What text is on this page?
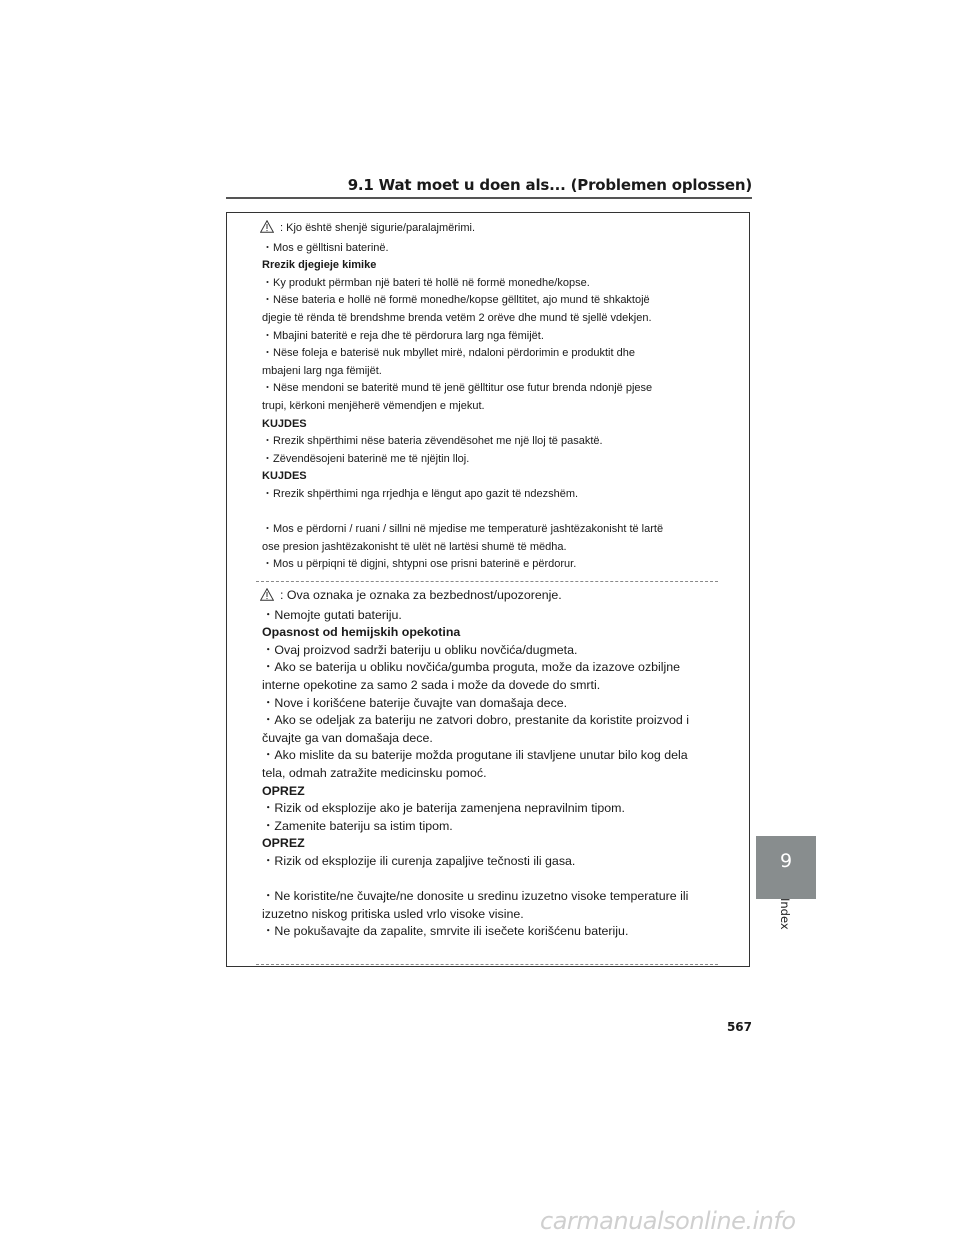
9.1 Wat moet u doen als... (Problemen oplossen)
: Kjo është shenjë sigurie/paralajmërimi.
・Mos e gëlltisni baterinë.
Rrezik djegieje kimike
・Ky produkt përmban një bateri të hollë në formë monedhe/kopse.
・Nëse bateria e hollë në formë monedhe/kopse gëlltitet, ajo mund të shkaktojë
djegie të rënda të brendshme brenda vetëm 2 orëve dhe mund të sjellë vdekjen.
・Mbajini bateritë e reja dhe të përdorura larg nga fëmijët.
・Nëse foleja e baterisë nuk mbyllet mirë, ndaloni përdorimin e produktit dhe
mbajeni larg nga fëmijët.
・Nëse mendoni se bateritë mund të jenë gëlltitur ose futur brenda ndonjë pjese
trupi, kërkoni menjëherë vëmendjen e mjekut.
KUJDES
・Rrezik shpërthimi nëse bateria zëvendësohet me një lloj të pasaktë.
・Zëvendësojeni baterinë me të njëjtin lloj.
KUJDES
・Rrezik shpërthimi nga rrjedhja e lëngut apo gazit të ndezshëm.
・Mos e përdorni / ruani / sillni në mjedise me temperaturë jashtëzakonisht të lartë
ose presion jashtëzakonisht të ulët në lartësi shumë të mëdha.
・Mos u përpiqni të digjni, shtypni ose prisni baterinë e përdorur.
: Ova oznaka je oznaka za bezbednost/upozorenje.
・Nemojte gutati bateriju.
Opasnost od hemijskih opekotina
・Ovaj proizvod sadrži bateriju u obliku novčića/dugmeta.
・Ako se baterija u obliku novčića/gumba proguta, može da izazove ozbiljne
interne opekotine za samo 2 sada i može da dovede do smrti.
・Nove i korišćene baterije čuvajte van domašaja dece.
・Ako se odeljak za bateriju ne zatvori dobro, prestanite da koristite proizvod i
čuvajte ga van domašaja dece.
・Ako mislite da su baterije možda progutane ili stavljene unutar bilo kog dela
tela, odmah zatražite medicinsku pomoć.
OPREZ
・Rizik od eksplozije ako je baterija zamenjena nepravilnim tipom.
・Zamenite bateriju sa istim tipom.
OPREZ
・Rizik od eksplozije ili curenja zapaljive tečnosti ili gasa.
・Ne koristite/ne čuvajte/ne donosite u sredinu izuzetno visoke temperature ili
izuzetno niskog pritiska usled vrlo visoke visine.
・Ne pokušavajte da zapalite, smrvite ili isečete korišćenu bateriju.
9
Index
567
carmanualsonline.info
